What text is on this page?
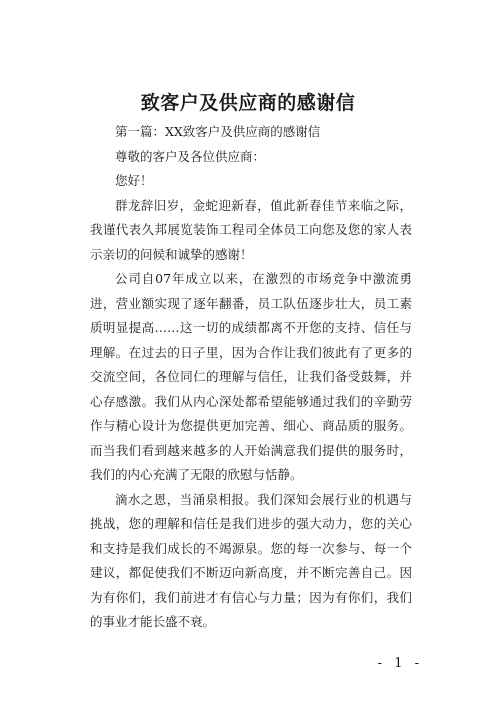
致客户及供应商的感谢信

第一篇：XX致客户及供应商的感谢信

尊敬的客户及各位供应商：

您好！

群龙辞旧岁，金蛇迎新春，值此新春佳节来临之际，我谨代表久邦展览装饰工程司全体员工向您及您的家人表示亲切的问候和诚挚的感谢！

公司自07年成立以来，在激烈的市场竞争中激流勇进，营业额实现了逐年翻番，员工队伍逐步壮大，员工素质明显提高……这一切的成绩都离不开您的支持、信任与理解。在过去的日子里，因为合作让我们彼此有了更多的交流空间，各位同仁的理解与信任，让我们备受鼓舞，并心存感激。我们从内心深处都希望能够通过我们的辛勤劳作与精心设计为您提供更加完善、细心、商品质的服务。而当我们看到越来越多的人开始满意我们提供的服务时，我们的内心充满了无限的欣慰与恬静。

滴水之恩，当涌泉相报。我们深知会展行业的机遇与挑战，您的理解和信任是我们进步的强大动力，您的关心和支持是我们成长的不竭源泉。您的每一次参与、每一个建议，都促使我们不断迈向新高度，并不断完善自己。因为有你们，我们前进才有信心与力量；因为有你们，我们的事业才能长盛不衰。

- 1 -
